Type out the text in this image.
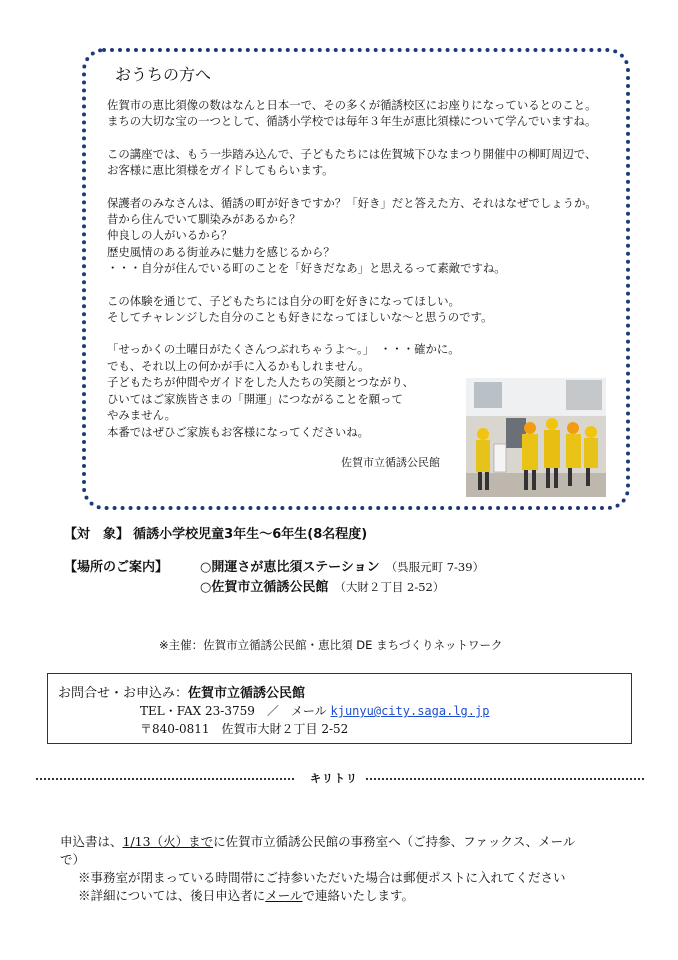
おうちの方へ

佐賀市の恵比須像の数はなんと日本一で、その多くが循誘校区にお座りになっているとのこと。

まちの大切な宝の一つとして、循誘小学校では毎年３年生が恵比須様について学んでいますね。

この講座では、もう一歩踏み込んで、子どもたちには佐賀城下ひなまつり開催中の柳町周辺で、

お客様に恵比須様をガイドしてもらいます。

保護者のみなさんは、循誘の町が好きですか？「好き」だと答えた方、それはなぜでしょうか。

昔から住んでいて馴染みがあるから？

仲良しの人がいるから？

歴史風情のある街並みに魅力を感じるから？

・・・自分が住んでいる町のことを「好きだなあ」と思えるって素敵ですね。

この体験を通じて、子どもたちには自分の町を好きになってほしい。

そしてチャレンジした自分のことも好きになってほしいな～と思うのです。

「せっかくの土曜日がたくさんつぶれちゃうよ～。」　・・・確かに。

でも、それ以上の何かが手に入るかもしれません。

子どもたちが仲間やガイドをした人たちの笑顔とつながり、

ひいてはご家族皆さまの「開運」につながることを願って

やみません。

本番ではぜひご家族もお客様になってくださいね。

佐賀市立循誘公民館
【対　象】 循誘小学校児童3年生～6年生(8名程度)
【場所のご案内】 ○開運さが恵比須ステーション （呉服元町 7-39）
○佐賀市立循誘公民館 （大財２丁目 2-52）
※主催：佐賀市立循誘公民館・恵比須 DE まちづくりネットワーク
お問合せ・お申込み：佐賀市立循誘公民館
TEL・FAX 23-3759　／　メール kjunyu@city.saga.lg.jp
〒840-0811　佐賀市大財２丁目 2-52
キリトリ

申込書は、1/13（火）までに佐賀市立循誘公民館の事務室へ（ご持参、ファックス、メール

で）

※事務室が閉まっている時間帯にご持参いただいた場合は郵便ポストに入れてください

※詳細については、後日申込者にメールで連絡いたします。
